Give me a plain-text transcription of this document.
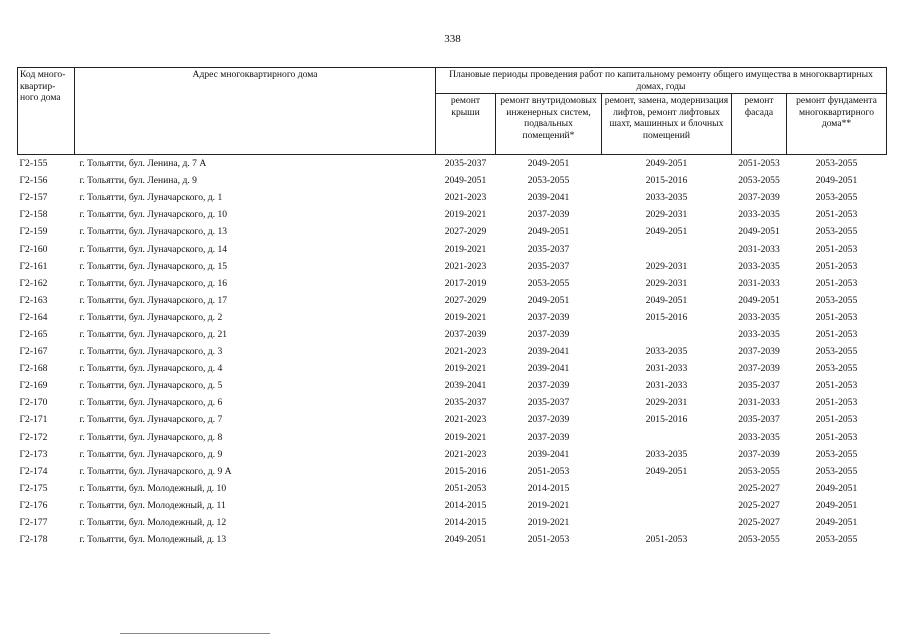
338
Код много-квартир-ного дома	Адрес многоквартирного дома	Плановые периоды проведения работ по капитальному ремонту общего имущества в многоквартирных домах, годы				
		ремонт крыши	ремонт внутридомовых инженерных систем, подвальных помещений*	ремонт, замена, модернизация лифтов, ремонт лифтовых шахт, машинных и блочных помещений	ремонт фасада	ремонт фундамента многоквартирного дома**
Г2-155	г. Тольятти, бул. Ленина, д. 7 А	2035-2037	2049-2051	2049-2051	2051-2053	2053-2055
Г2-156	г. Тольятти, бул. Ленина, д. 9	2049-2051	2053-2055	2015-2016	2053-2055	2049-2051
Г2-157	г. Тольятти, бул. Луначарского, д. 1	2021-2023	2039-2041	2033-2035	2037-2039	2053-2055
Г2-158	г. Тольятти, бул. Луначарского, д. 10	2019-2021	2037-2039	2029-2031	2033-2035	2051-2053
Г2-159	г. Тольятти, бул. Луначарского, д. 13	2027-2029	2049-2051	2049-2051	2049-2051	2053-2055
Г2-160	г. Тольятти, бул. Луначарского, д. 14	2019-2021	2035-2037		2031-2033	2051-2053
Г2-161	г. Тольятти, бул. Луначарского, д. 15	2021-2023	2035-2037	2029-2031	2033-2035	2051-2053
Г2-162	г. Тольятти, бул. Луначарского, д. 16	2017-2019	2053-2055	2029-2031	2031-2033	2051-2053
Г2-163	г. Тольятти, бул. Луначарского, д. 17	2027-2029	2049-2051	2049-2051	2049-2051	2053-2055
Г2-164	г. Тольятти, бул. Луначарского, д. 2	2019-2021	2037-2039	2015-2016	2033-2035	2051-2053
Г2-165	г. Тольятти, бул. Луначарского, д. 21	2037-2039	2037-2039		2033-2035	2051-2053
Г2-167	г. Тольятти, бул. Луначарского, д. 3	2021-2023	2039-2041	2033-2035	2037-2039	2053-2055
Г2-168	г. Тольятти, бул. Луначарского, д. 4	2019-2021	2039-2041	2031-2033	2037-2039	2053-2055
Г2-169	г. Тольятти, бул. Луначарского, д. 5	2039-2041	2037-2039	2031-2033	2035-2037	2051-2053
Г2-170	г. Тольятти, бул. Луначарского, д. 6	2035-2037	2035-2037	2029-2031	2031-2033	2051-2053
Г2-171	г. Тольятти, бул. Луначарского, д. 7	2021-2023	2037-2039	2015-2016	2035-2037	2051-2053
Г2-172	г. Тольятти, бул. Луначарского, д. 8	2019-2021	2037-2039		2033-2035	2051-2053
Г2-173	г. Тольятти, бул. Луначарского, д. 9	2021-2023	2039-2041	2033-2035	2037-2039	2053-2055
Г2-174	г. Тольятти, бул. Луначарского, д. 9 А	2015-2016	2051-2053	2049-2051	2053-2055	2053-2055
Г2-175	г. Тольятти, бул. Молодежный, д. 10	2051-2053	2014-2015		2025-2027	2049-2051
Г2-176	г. Тольятти, бул. Молодежный, д. 11	2014-2015	2019-2021		2025-2027	2049-2051
Г2-177	г. Тольятти, бул. Молодежный, д. 12	2014-2015	2019-2021		2025-2027	2049-2051
Г2-178	г. Тольятти, бул. Молодежный, д. 13	2049-2051	2051-2053	2051-2053	2053-2055	2053-2055
